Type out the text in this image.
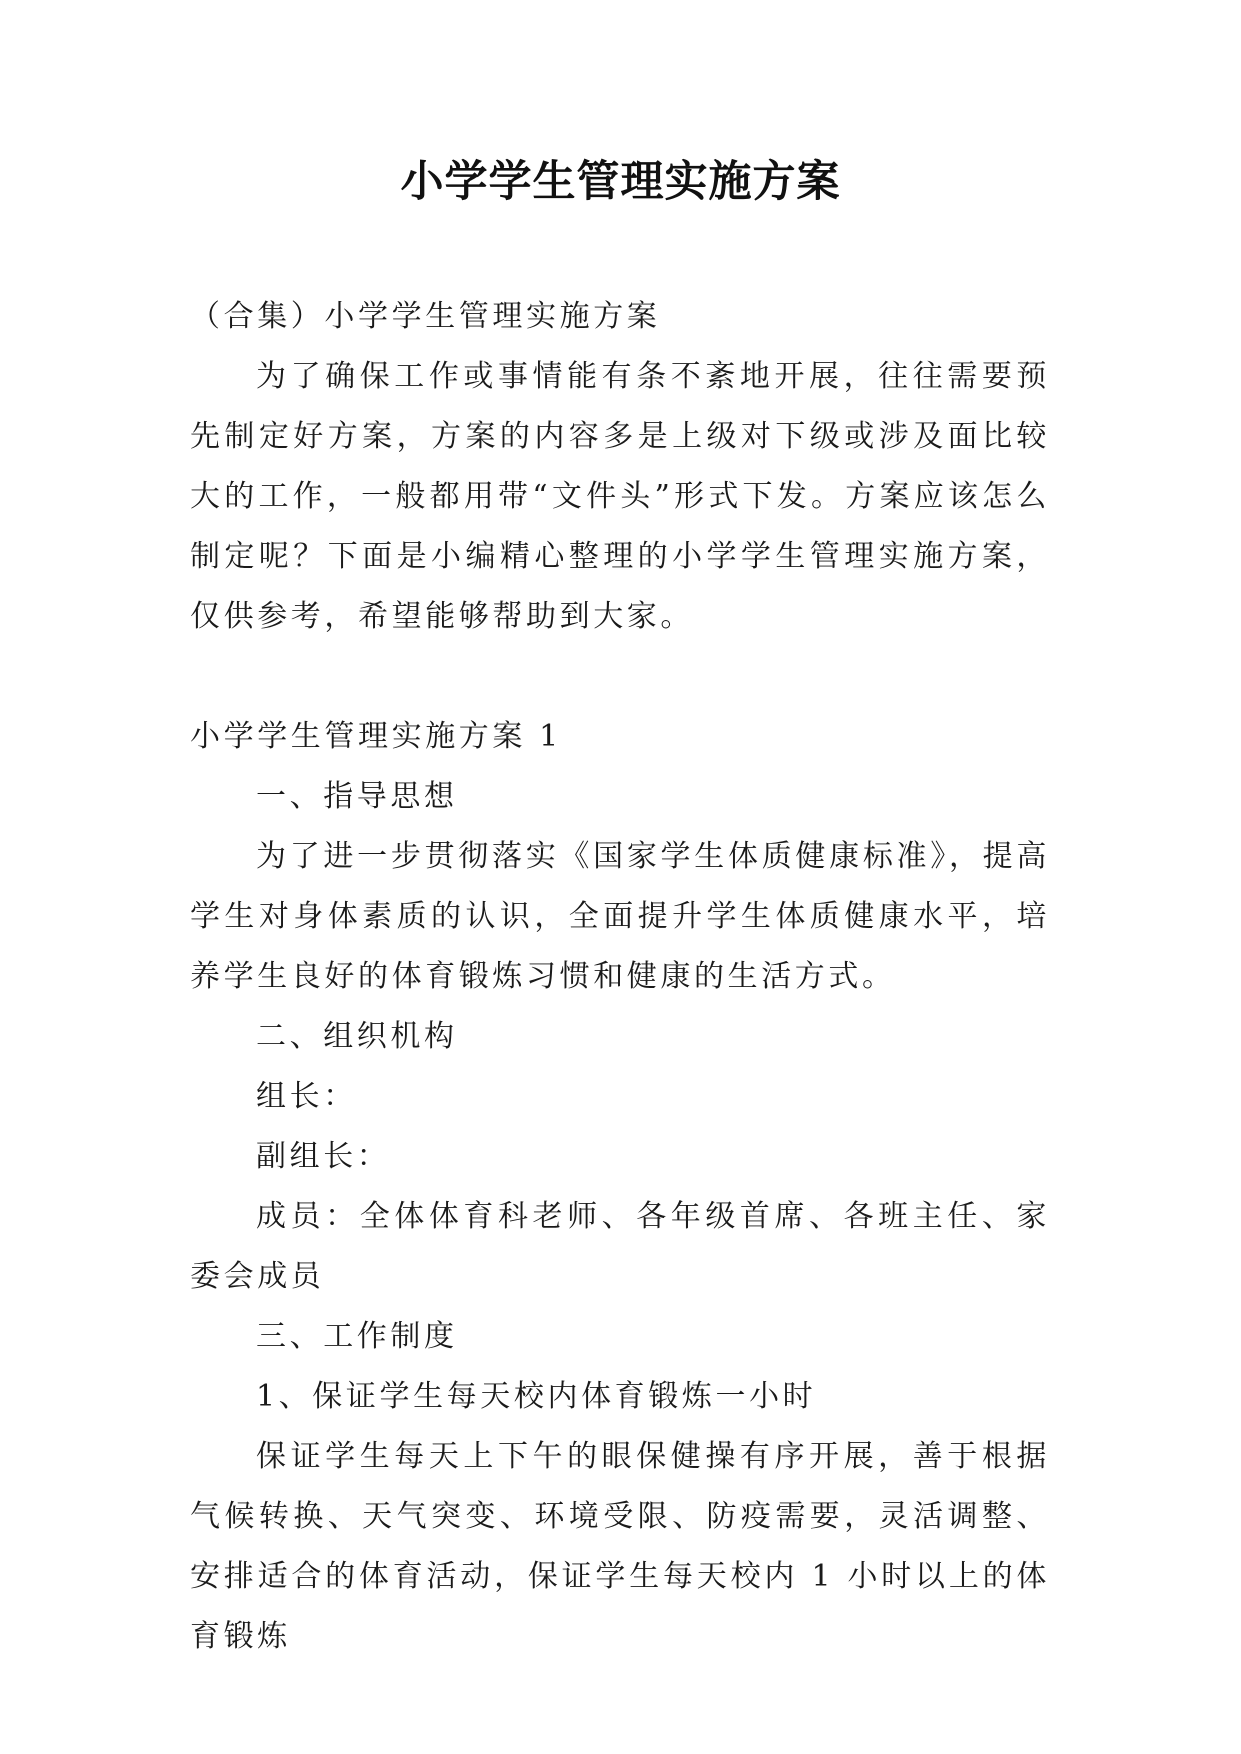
小学学生管理实施方案

（合集）小学学生管理实施方案

为了确保工作或事情能有条不紊地开展，往往需要预先制定好方案，方案的内容多是上级对下级或涉及面比较大的工作，一般都用带“文件头”形式下发。方案应该怎么制定呢？下面是小编精心整理的小学学生管理实施方案，仅供参考，希望能够帮助到大家。

小学学生管理实施方案 1

一、指导思想

为了进一步贯彻落实《国家学生体质健康标准》，提高学生对身体素质的认识，全面提升学生体质健康水平，培养学生良好的体育锻炼习惯和健康的生活方式。

二、组织机构

组长：

副组长：

成员：全体体育科老师、各年级首席、各班主任、家委会成员

三、工作制度

1、保证学生每天校内体育锻炼一小时

保证学生每天上下午的眼保健操有序开展，善于根据气候转换、天气突变、环境受限、防疫需要，灵活调整、安排适合的体育活动，保证学生每天校内 1 小时以上的体育锻炼
